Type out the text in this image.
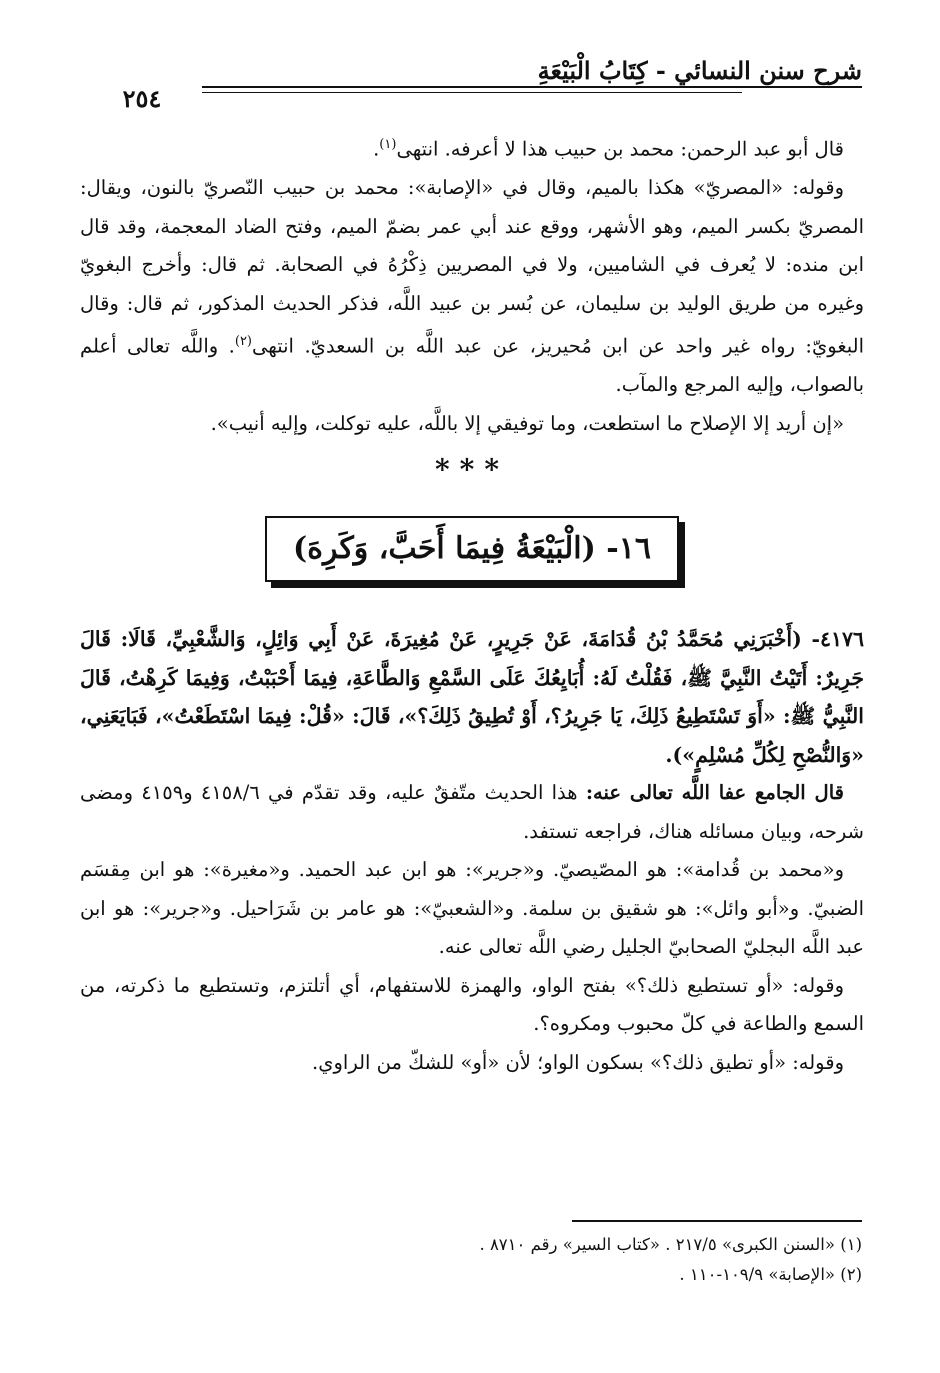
شرح سنن النسائي - كِتَابُ الْبَيْعَةِ
٢٥٤

قال أبو عبد الرحمن: محمد بن حبيب هذا لا أعرفه. انتهى$^{(١)}$.

وقوله: «المصريّ» هكذا بالميم، وقال في «الإصابة»: محمد بن حبيب النّصريّ بالنون، ويقال: المصريّ بكسر الميم، وهو الأشهر، ووقع عند أبي عمر بضمّ الميم، وفتح الضاد المعجمة، وقد قال ابن منده: لا يُعرف في الشاميين، ولا في المصريين ذِكْرُهُ في الصحابة. ثم قال: وأخرج البغويّ وغيره من طريق الوليد بن سليمان، عن بُسر بن عبيد اللَّه، فذكر الحديث المذكور، ثم قال: وقال البغويّ: رواه غير واحد عن ابن مُحيريز، عن عبد اللَّه بن السعديّ. انتهى$^{(٢)}$. واللَّه تعالى أعلم بالصواب، وإليه المرجع والمآب.

«إن أريد إلا الإصلاح ما استطعت، وما توفيقي إلا باللَّه، عليه توكلت، وإليه أنيب».

***
١٦- (الْبَيْعَةُ فِيمَا أَحَبَّ، وَكَرِهَ)

٤١٧٦- (أَخْبَرَنِي مُحَمَّدُ بْنُ قُدَامَةَ، عَنْ جَرِيرٍ، عَنْ مُغِيرَةَ، عَنْ أَبِي وَائِلٍ، وَالشَّعْبِيِّ، قَالَا: قَالَ جَرِيرٌ: أَتَيْتُ النَّبِيَّ ﷺ، فَقُلْتُ لَهُ: أُبَايِعُكَ عَلَى السَّمْعِ وَالطَّاعَةِ، فِيمَا أَحْبَبْتُ، وَفِيمَا كَرِهْتُ، قَالَ النَّبِيُّ ﷺ: «أَوَ تَسْتَطِيعُ ذَلِكَ، يَا جَرِيرُ؟، أَوْ تُطِيقُ ذَلِكَ؟»، قَالَ: «قُلْ: فِيمَا اسْتَطَعْتُ»، فَبَايَعَنِي، «وَالنُّصْحِ لِكُلِّ مُسْلِمٍ»).

قال الجامع عفا اللَّه تعالى عنه: هذا الحديث متّفقٌ عليه، وقد تقدّم في ٤١٥٨/٦ و٤١٥٩ ومضى شرحه، وبيان مسائله هناك، فراجعه تستفد.

و«محمد بن قُدامة»: هو المصّيصيّ. و«جرير»: هو ابن عبد الحميد. و«مغيرة»: هو ابن مِقسَم الضبيّ. و«أبو وائل»: هو شقيق بن سلمة. و«الشعبيّ»: هو عامر بن شَرَاحيل. و«جرير»: هو ابن عبد اللَّه البجليّ الصحابيّ الجليل رضي اللَّه تعالى عنه.

وقوله: «أو تستطيع ذلك؟» بفتح الواو، والهمزة للاستفهام، أي أتلتزم، وتستطيع ما ذكرته، من السمع والطاعة في كلّ محبوب ومكروه؟.

وقوله: «أو تطيق ذلك؟» بسكون الواو؛ لأن «أو» للشكّ من الراوي.

(١) «السنن الكبرى» ٢١٧/٥ . «كتاب السير» رقم ٨٧١٠ .
(٢) «الإصابة» ١٠٩/٩-١١٠ .
